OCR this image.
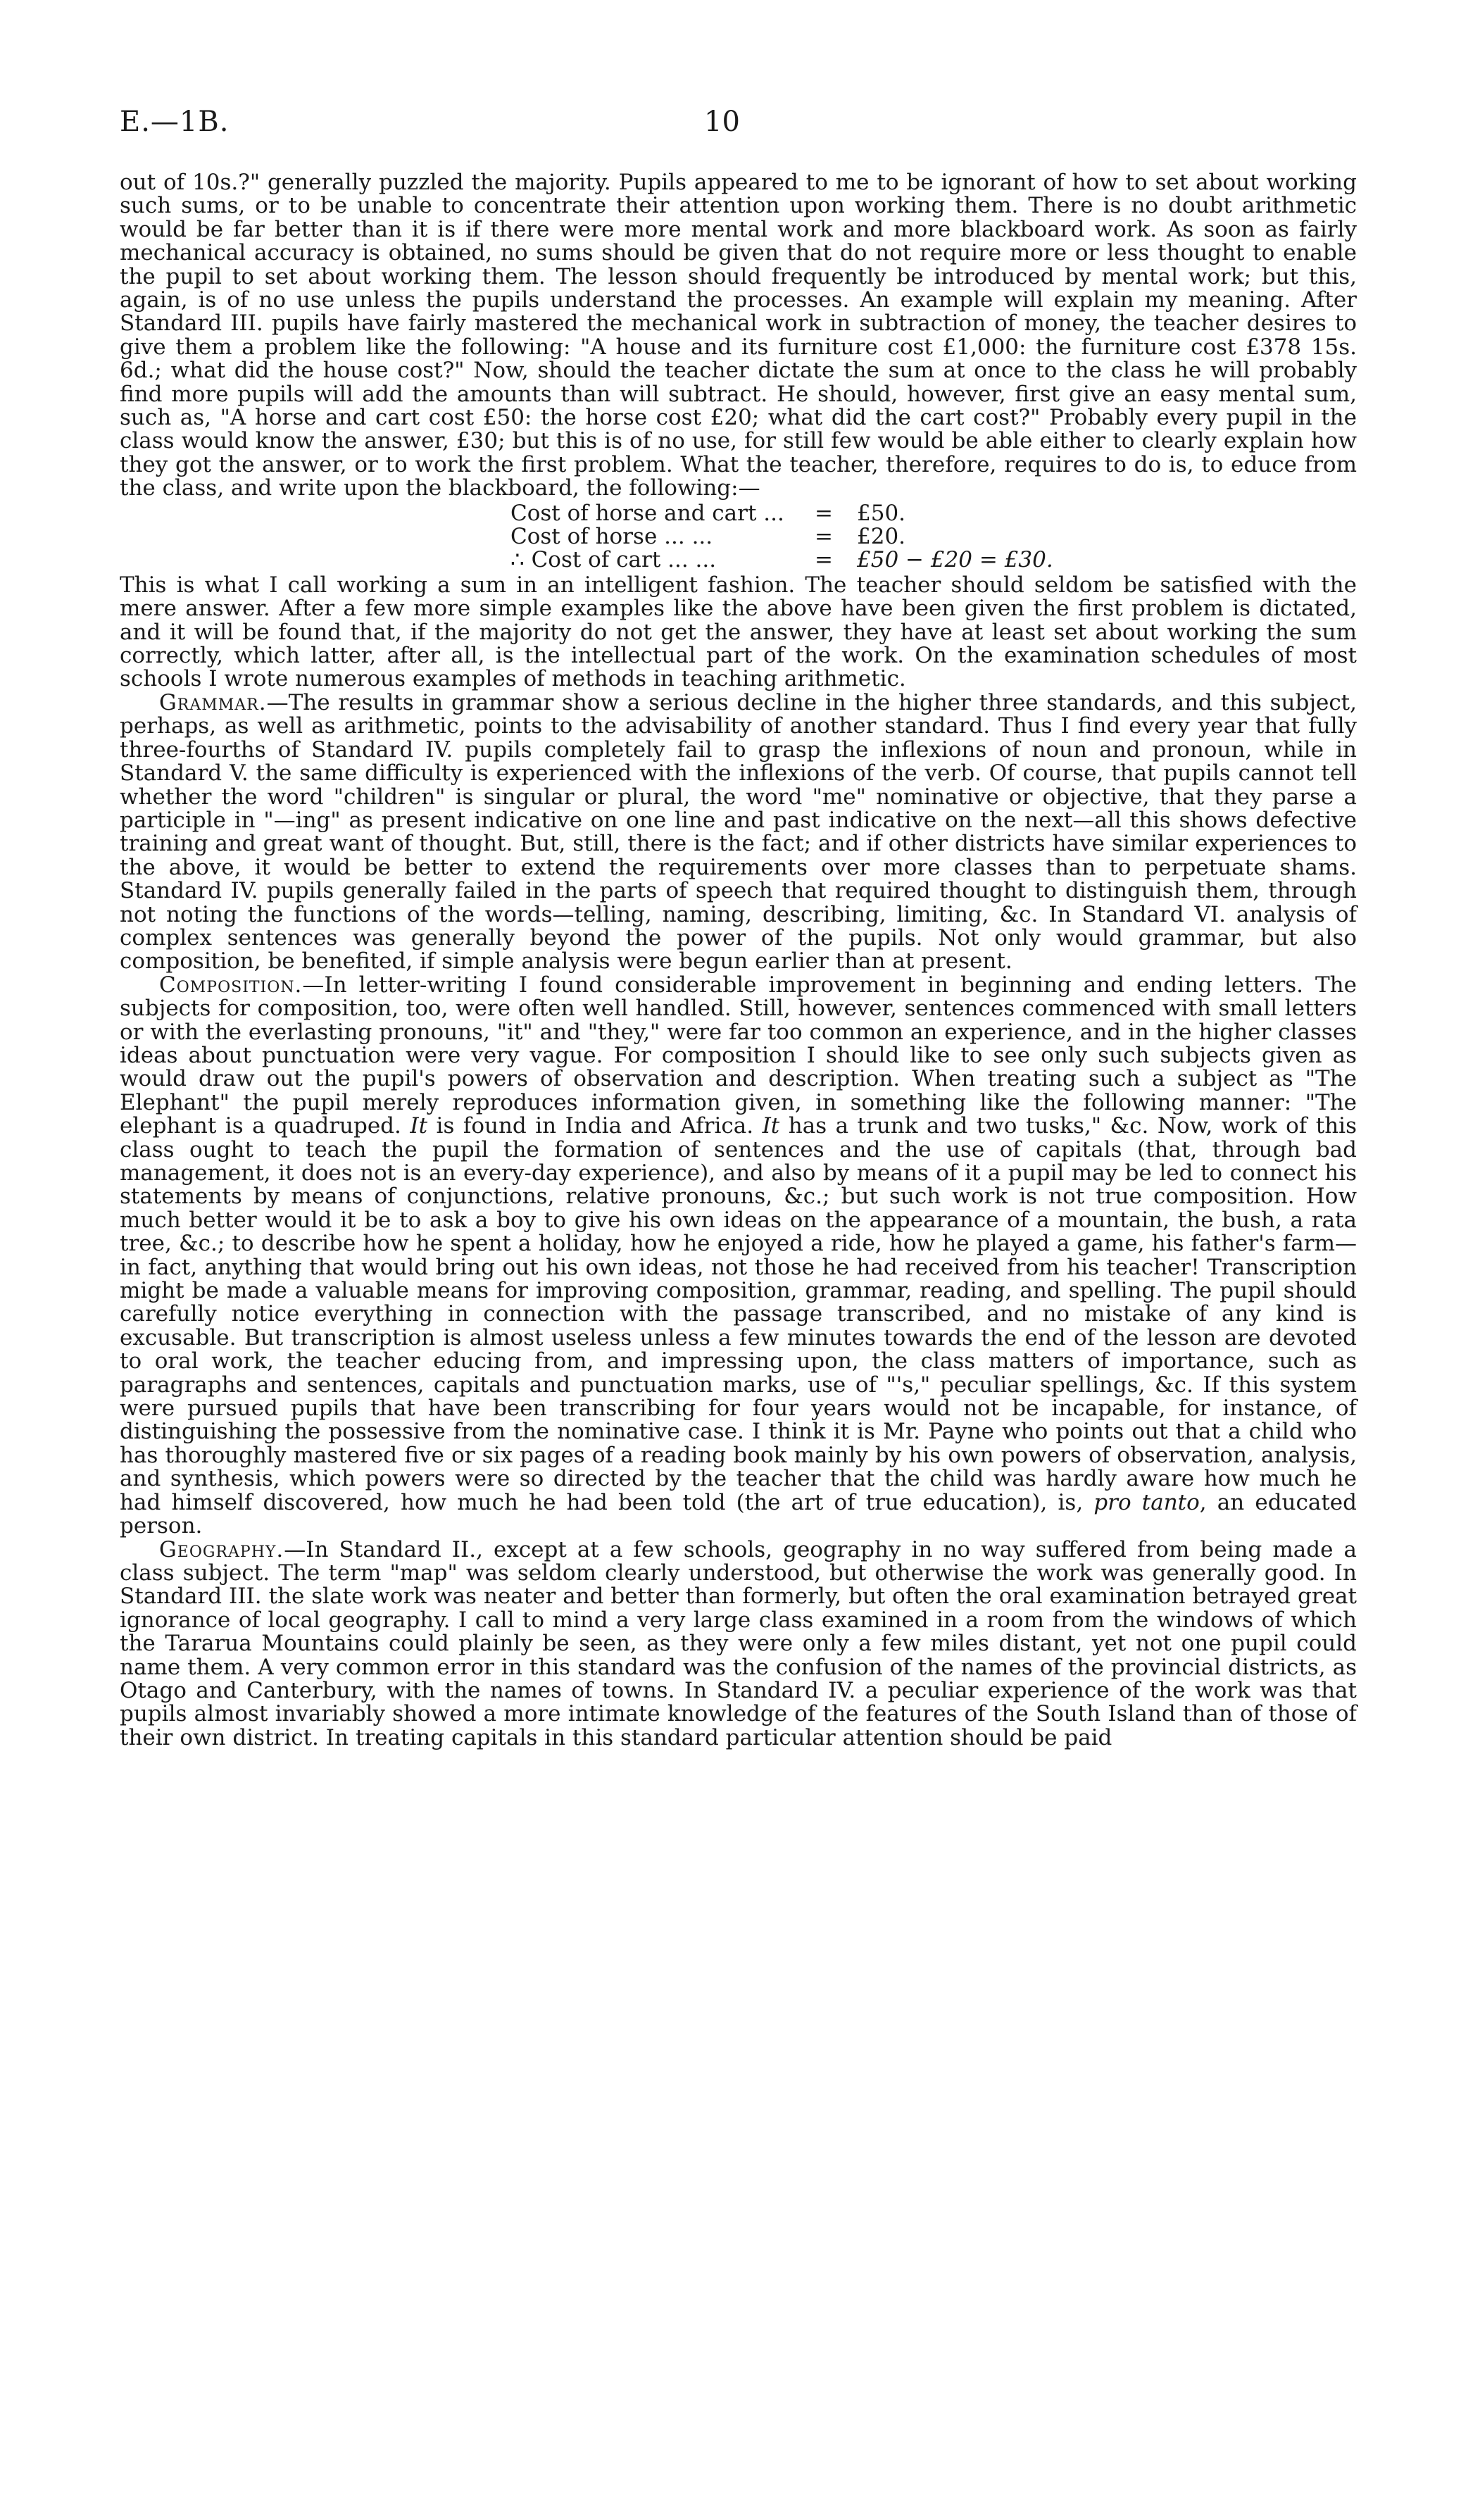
E.—1B.	10

out of 10s.?" generally puzzled the majority. Pupils appeared to me to be ignorant of how to set about working such sums, or to be unable to concentrate their attention upon working them. There is no doubt arithmetic would be far better than it is if there were more mental work and more blackboard work. As soon as fairly mechanical accuracy is obtained, no sums should be given that do not require more or less thought to enable the pupil to set about working them. The lesson should frequently be introduced by mental work; but this, again, is of no use unless the pupils understand the processes. An example will explain my meaning. After Standard III. pupils have fairly mastered the mechanical work in subtraction of money, the teacher desires to give them a problem like the following: "A house and its furniture cost £1,000: the furniture cost £378 15s. 6d.; what did the house cost?" Now, should the teacher dictate the sum at once to the class he will probably find more pupils will add the amounts than will subtract. He should, however, first give an easy mental sum, such as, "A horse and cart cost £50: the horse cost £20; what did the cart cost?" Probably every pupil in the class would know the answer, £30; but this is of no use, for still few would be able either to clearly explain how they got the answer, or to work the first problem. What the teacher, therefore, requires to do is, to educe from the class, and write upon the blackboard, the following:—

Cost of horse and cart ... = £50.
Cost of horse ... ...	= £20.
∴ Cost of cart ... ...	= £50 − £20 = £30.

This is what I call working a sum in an intelligent fashion. The teacher should seldom be satisfied with the mere answer. After a few more simple examples like the above have been given the first problem is dictated, and it will be found that, if the majority do not get the answer, they have at least set about working the sum correctly, which latter, after all, is the intellectual part of the work. On the examination schedules of most schools I wrote numerous examples of methods in teaching arithmetic.

Grammar.—The results in grammar show a serious decline in the higher three standards, and this subject, perhaps, as well as arithmetic, points to the advisability of another standard. Thus I find every year that fully three-fourths of Standard IV. pupils completely fail to grasp the inflexions of noun and pronoun, while in Standard V. the same difficulty is experienced with the inflexions of the verb. Of course, that pupils cannot tell whether the word "children" is singular or plural, the word "me" nominative or objective, that they parse a participle in "—ing" as present indicative on one line and past indicative on the next—all this shows defective training and great want of thought. But, still, there is the fact; and if other districts have similar experiences to the above, it would be better to extend the requirements over more classes than to perpetuate shams. Standard IV. pupils generally failed in the parts of speech that required thought to distinguish them, through not noting the functions of the words—telling, naming, describing, limiting, &c. In Standard VI. analysis of complex sentences was generally beyond the power of the pupils. Not only would grammar, but also composition, be benefited, if simple analysis were begun earlier than at present.

Composition.—In letter-writing I found considerable improvement in beginning and ending letters. The subjects for composition, too, were often well handled. Still, however, sentences commenced with small letters or with the everlasting pronouns, "it" and "they," were far too common an experience, and in the higher classes ideas about punctuation were very vague. For composition I should like to see only such subjects given as would draw out the pupil's powers of observation and description. When treating such a subject as "The Elephant" the pupil merely reproduces information given, in something like the following manner: "The elephant is a quadruped. It is found in India and Africa. It has a trunk and two tusks," &c. Now, work of this class ought to teach the pupil the formation of sentences and the use of capitals (that, through bad management, it does not is an every-day experience), and also by means of it a pupil may be led to connect his statements by means of conjunctions, relative pronouns, &c.; but such work is not true composition. How much better would it be to ask a boy to give his own ideas on the appearance of a mountain, the bush, a rata tree, &c.; to describe how he spent a holiday, how he enjoyed a ride, how he played a game, his father's farm—in fact, anything that would bring out his own ideas, not those he had received from his teacher! Transcription might be made a valuable means for improving composition, grammar, reading, and spelling. The pupil should carefully notice everything in connection with the passage transcribed, and no mistake of any kind is excusable. But transcription is almost useless unless a few minutes towards the end of the lesson are devoted to oral work, the teacher educing from, and impressing upon, the class matters of importance, such as paragraphs and sentences, capitals and punctuation marks, use of "'s," peculiar spellings, &c. If this system were pursued pupils that have been transcribing for four years would not be incapable, for instance, of distinguishing the possessive from the nominative case. I think it is Mr. Payne who points out that a child who has thoroughly mastered five or six pages of a reading book mainly by his own powers of observation, analysis, and synthesis, which powers were so directed by the teacher that the child was hardly aware how much he had himself discovered, how much he had been told (the art of true education), is, pro tanto, an educated person.

Geography.—In Standard II., except at a few schools, geography in no way suffered from being made a class subject. The term "map" was seldom clearly understood, but otherwise the work was generally good. In Standard III. the slate work was neater and better than formerly, but often the oral examination betrayed great ignorance of local geography. I call to mind a very large class examined in a room from the windows of which the Tararua Mountains could plainly be seen, as they were only a few miles distant, yet not one pupil could name them. A very common error in this standard was the confusion of the names of the provincial districts, as Otago and Canterbury, with the names of towns. In Standard IV. a peculiar experience of the work was that pupils almost invariably showed a more intimate knowledge of the features of the South Island than of those of their own district. In treating capitals in this standard particular attention should be paid
